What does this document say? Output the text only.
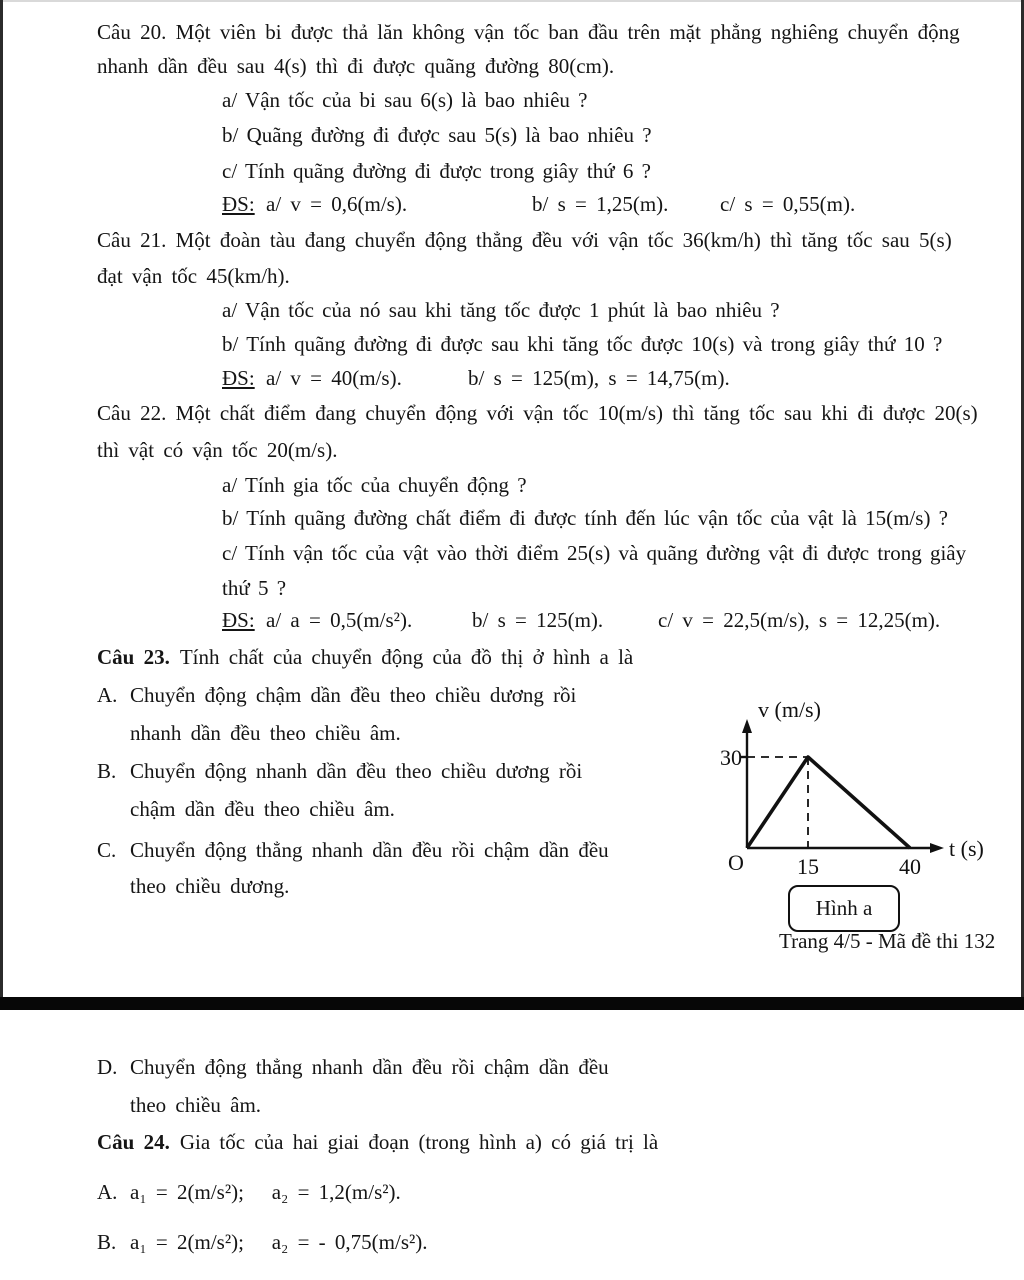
Câu 20. Một viên bi được thả lăn không vận tốc ban đầu trên mặt phẳng nghiêng chuyển động
nhanh dần đều sau 4(s) thì đi được quãng đường 80(cm).
a/ Vận tốc của bi sau 6(s) là bao nhiêu ?
b/ Quãng đường đi được sau 5(s) là bao nhiêu ?
c/ Tính quãng đường đi được trong giây thứ 6 ?
ĐS: a/ v = 0,6(m/s).	b/ s = 1,25(m). c/ s = 0,55(m).
Câu 21. Một đoàn tàu đang chuyển động thẳng đều với vận tốc 36(km/h) thì tăng tốc sau 5(s)
đạt vận tốc 45(km/h).
a/ Vận tốc của nó sau khi tăng tốc được 1 phút là bao nhiêu ?
b/ Tính quãng đường đi được sau khi tăng tốc được 10(s) và trong giây thứ 10 ?
ĐS: a/ v = 40(m/s).	b/ s = 125(m), s = 14,75(m).
Câu 22. Một chất điểm đang chuyển động với vận tốc 10(m/s) thì tăng tốc sau khi đi được 20(s)
thì vật có vận tốc 20(m/s).
a/ Tính gia tốc của chuyển động ?
b/ Tính quãng đường chất điểm đi được tính đến lúc vận tốc của vật là 15(m/s) ?
c/ Tính vận tốc của vật vào thời điểm 25(s) và quãng đường vật đi được trong giây
thứ 5 ?
ĐS: a/ a = 0,5(m/s²).	b/ s = 125(m).	c/ v = 22,5(m/s), s = 12,25(m).
Câu 23. Tính chất của chuyển động của đồ thị ở hình a là
A. Chuyển động chậm dần đều theo chiều dương rồi
nhanh dần đều theo chiều âm.
B. Chuyển động nhanh dần đều theo chiều dương rồi
chậm dần đều theo chiều âm.
C. Chuyển động thẳng nhanh dần đều rồi chậm dần đều
theo chiều dương.
v (m/s)
30
O 15	40
t (s)
Hình a
Trang 4/5 - Mã đề thi 132
D. Chuyển động thẳng nhanh dần đều rồi chậm dần đều
theo chiều âm.
Câu 24. Gia tốc của hai giai đoạn (trong hình a) có giá trị là
A. a₁ = 2(m/s²);   a₂ = 1,2(m/s²).
B. a₁ = 2(m/s²);   a₂ = - 0,75(m/s²).
